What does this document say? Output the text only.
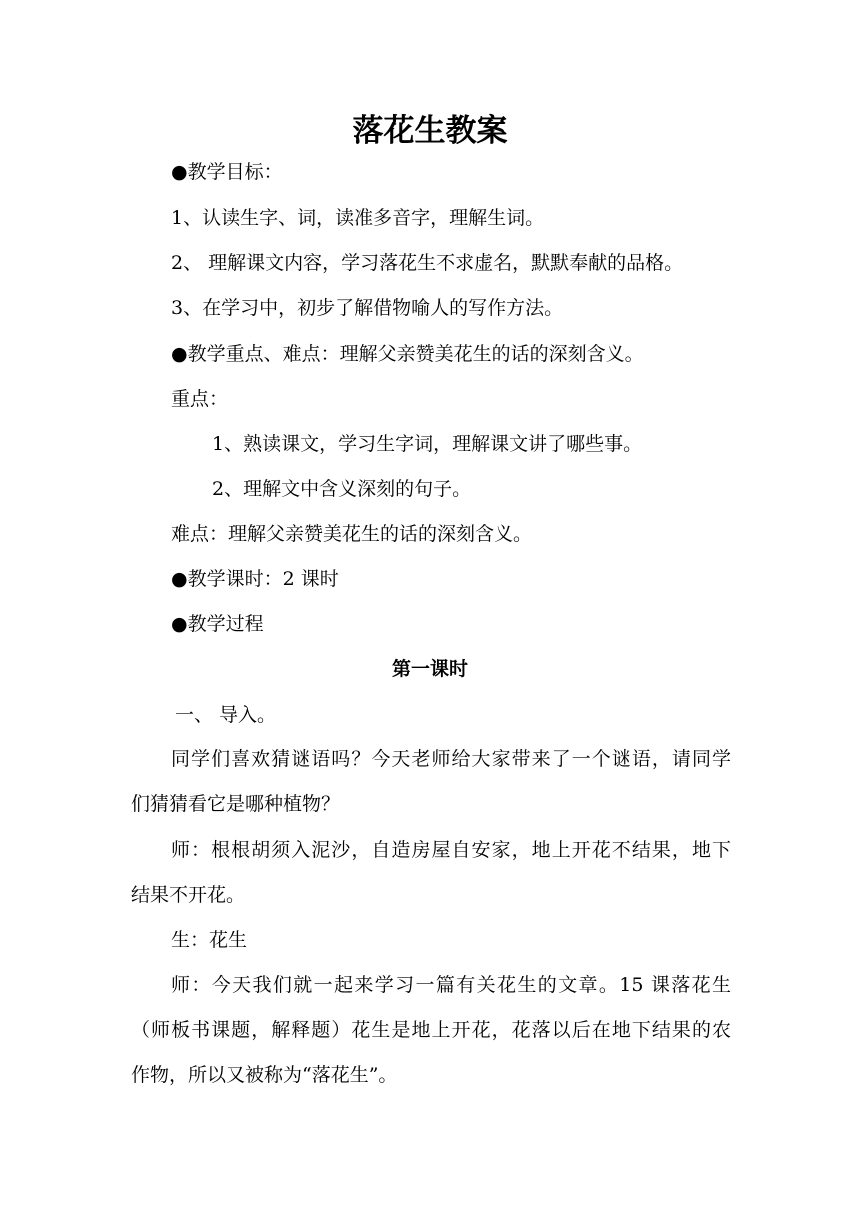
落花生教案
●教学目标：
1、认读生字、词，读准多音字，理解生词。
2、 理解课文内容，学习落花生不求虚名，默默奉献的品格。
3、在学习中，初步了解借物喻人的写作方法。
●教学重点、难点：理解父亲赞美花生的话的深刻含义。
重点：
1、熟读课文，学习生字词，理解课文讲了哪些事。
2、理解文中含义深刻的句子。
难点：理解父亲赞美花生的话的深刻含义。
●教学课时：2 课时
●教学过程
第一课时
一、 导入。
同学们喜欢猜谜语吗？今天老师给大家带来了一个谜语，请同学
们猜猜看它是哪种植物？
师：根根胡须入泥沙，自造房屋自安家，地上开花不结果，地下
结果不开花。
生：花生
师：今天我们就一起来学习一篇有关花生的文章。15 课落花生
（师板书课题，解释题）花生是地上开花，花落以后在地下结果的农
作物，所以又被称为“落花生”。
